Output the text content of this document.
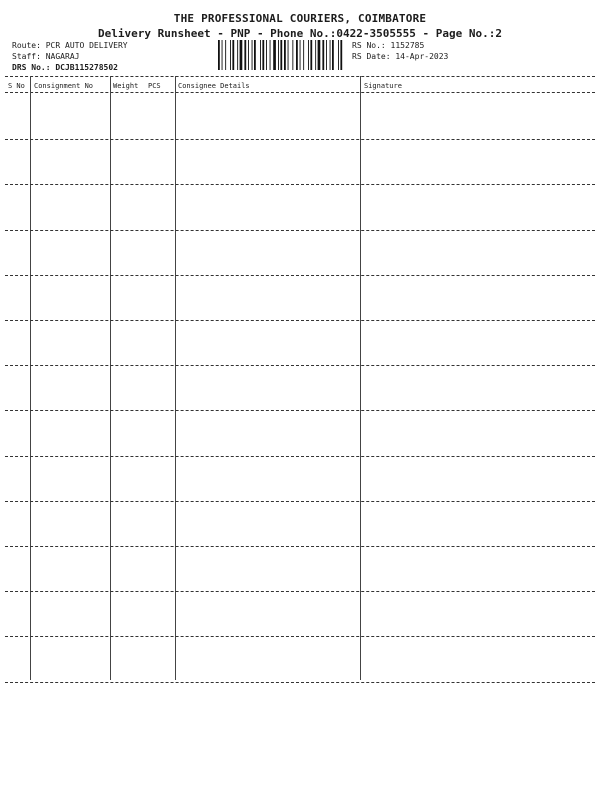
THE PROFESSIONAL COURIERS, COIMBATORE
Delivery Runsheet - PNP - Phone No.:0422-3505555 - Page No.:2
Route: PCR AUTO DELIVERY
Staff: NAGARAJ
DRS No.: DCJB115278502
RS No.: 1152785
RS Date: 14-Apr-2023
S No Consignment No	Weight PCS Consignee Details	Signature
